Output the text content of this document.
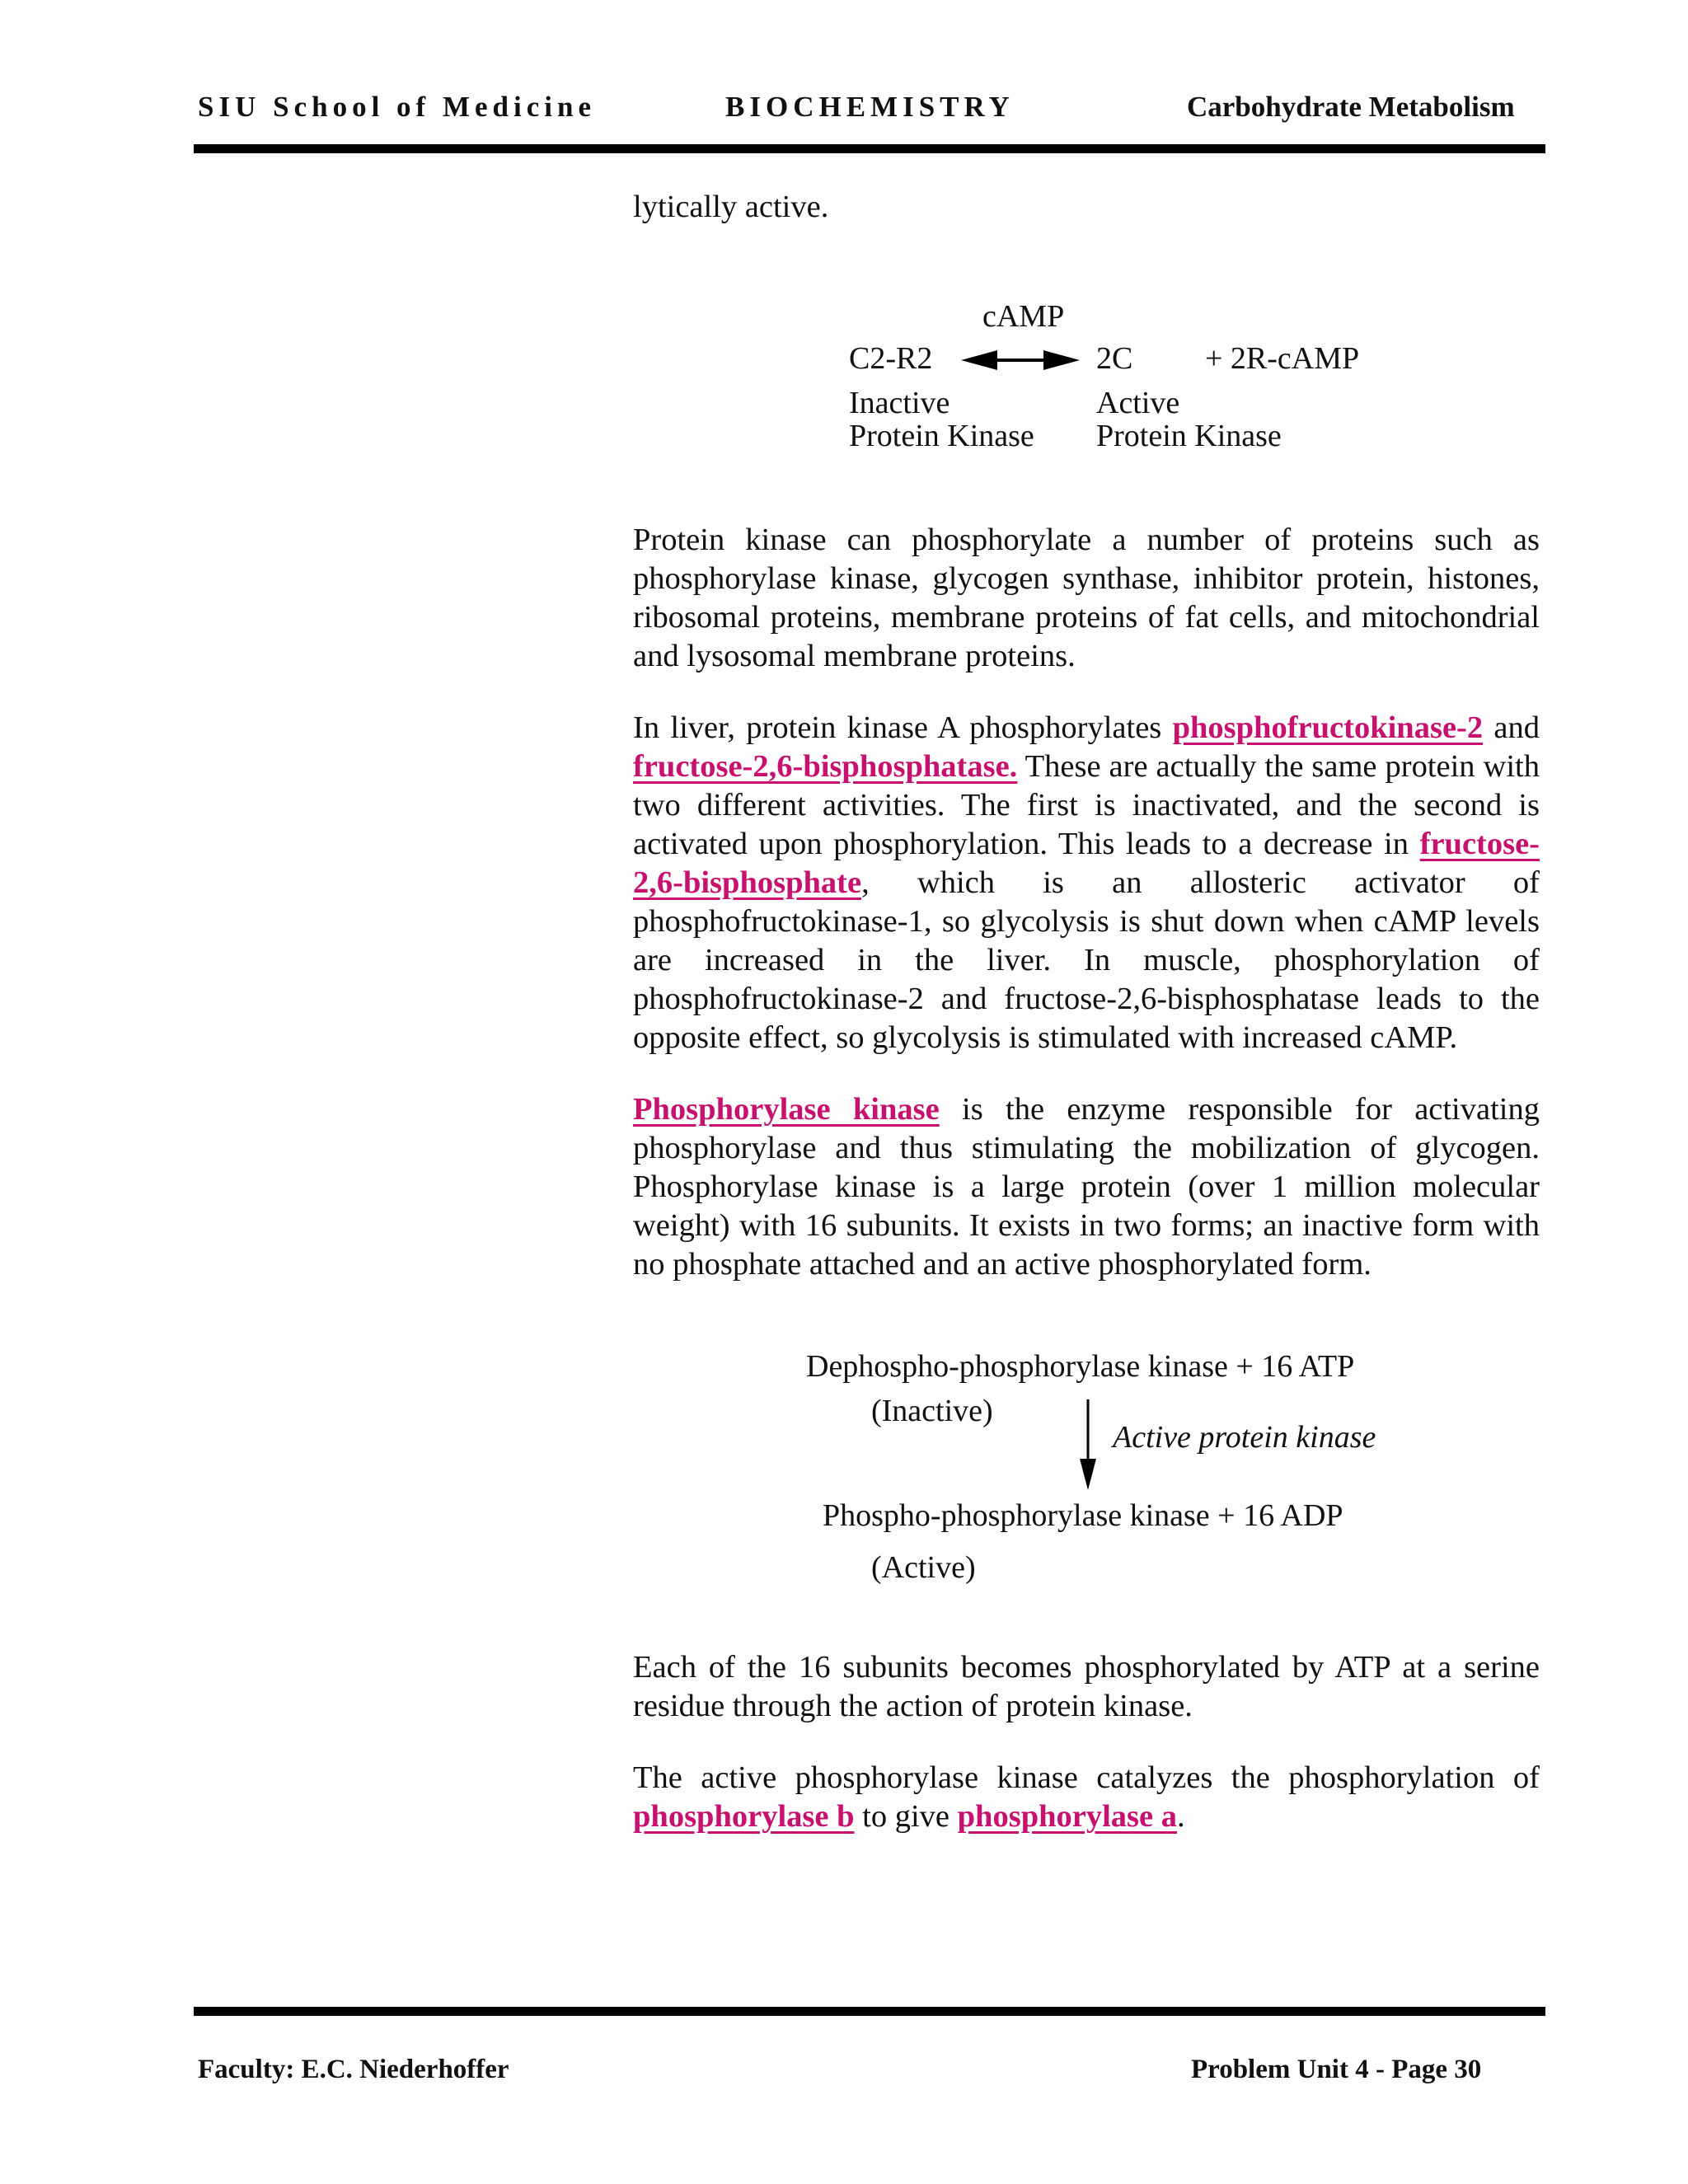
SIU School of Medicine	BIOCHEMISTRY	Carbohydrate Metabolism

lytically active.

cAMP
C2-R2	2C + 2R-cAMP
Inactive
Protein Kinase
Active
Protein Kinase

Protein kinase can phosphorylate a number of proteins such as phosphorylase kinase, glycogen synthase, inhibitor protein, histones, ribosomal proteins, membrane proteins of fat cells, and mitochondrial and lysosomal membrane proteins.

In liver, protein kinase A phosphorylates phosphofructokinase-2 and fructose-2,6-bisphosphatase. These are actually the same protein with two different activities. The first is inactivated, and the second is activated upon phosphorylation. This leads to a decrease in fructose-2,6-bisphosphate, which is an allosteric activator of phosphofructokinase-1, so glycolysis is shut down when cAMP levels are increased in the liver. In muscle, phosphorylation of phosphofructokinase-2 and fructose-2,6-bisphosphatase leads to the opposite effect, so glycolysis is stimulated with increased cAMP.

Phosphorylase kinase is the enzyme responsible for activating phosphorylase and thus stimulating the mobilization of glycogen. Phosphorylase kinase is a large protein (over 1 million molecular weight) with 16 subunits. It exists in two forms; an inactive form with no phosphate attached and an active phosphorylated form.

Dephospho-phosphorylase kinase + 16 ATP
(Inactive)
Active protein kinase
Phospho-phosphorylase kinase + 16 ADP
(Active)

Each of the 16 subunits becomes phosphorylated by ATP at a serine residue through the action of protein kinase.

The active phosphorylase kinase catalyzes the phosphorylation of phosphorylase b to give phosphorylase a.

Faculty: E.C. Niederhoffer	Problem Unit 4 - Page 30
